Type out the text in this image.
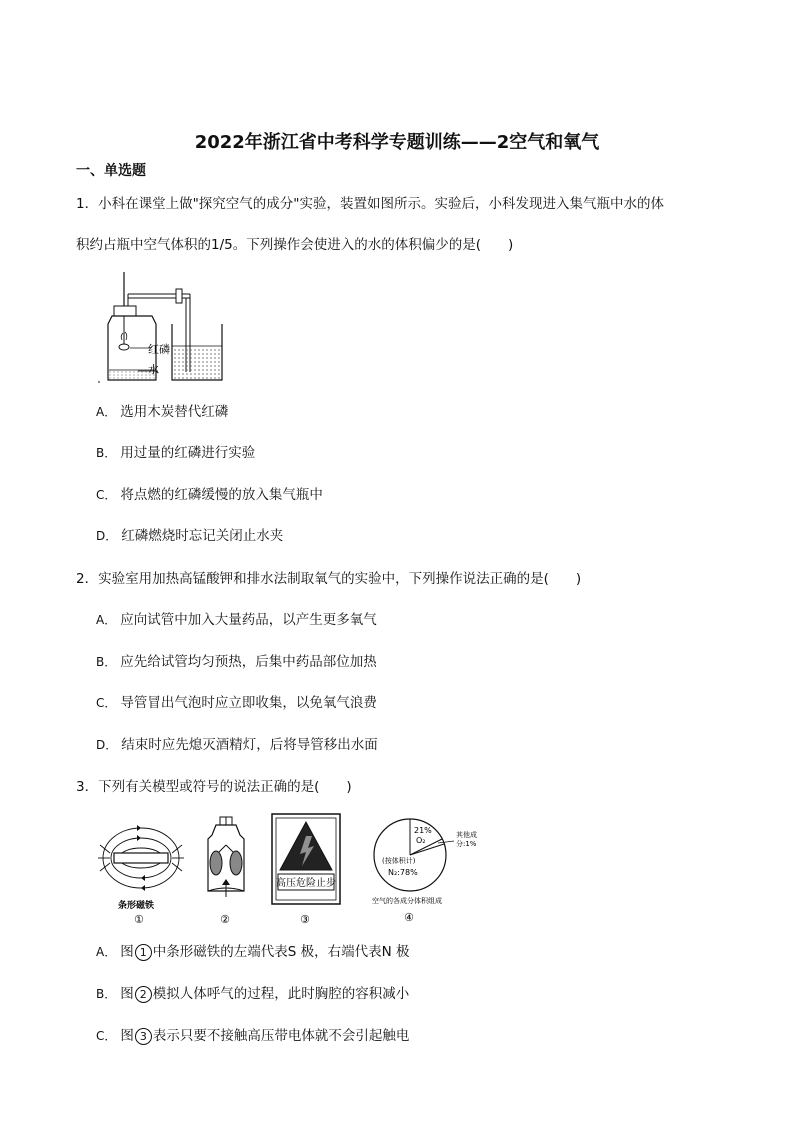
2022年浙江省中考科学专题训练——2空气和氧气
一、单选题
1．小科在课堂上做"探究空气的成分"实验，装置如图所示。实验后，小科发现进入集气瓶中水的体
积约占瓶中空气体积的1/5。下列操作会使进入的水的体积偏少的是(　　)
红磷
水
A． 选用木炭替代红磷
B． 用过量的红磷进行实验
C． 将点燃的红磷缓慢的放入集气瓶中
D． 红磷燃烧时忘记关闭止水夹
2．实验室用加热高锰酸钾和排水法制取氧气的实验中，下列操作说法正确的是(　　)
A． 应向试管中加入大量药品，以产生更多氧气
B． 应先给试管均匀预热，后集中药品部位加热
C． 导管冒出气泡时应立即收集，以免氧气浪费
D． 结束时应先熄灭酒精灯，后将导管移出水面
3．下列有关模型或符号的说法正确的是(　　)
条形磁铁
①	②
高压危险止步
③
21%
O₂
其他成
分:1%
(按体积计)
N₂:78%
空气的各成分体积组成
④
A． 图 1 中条形磁铁的左端代表S 极，右端代表N 极
B． 图 2 模拟人体呼气的过程，此时胸腔的容积减小
C． 图 3 表示只要不接触高压带电体就不会引起触电
